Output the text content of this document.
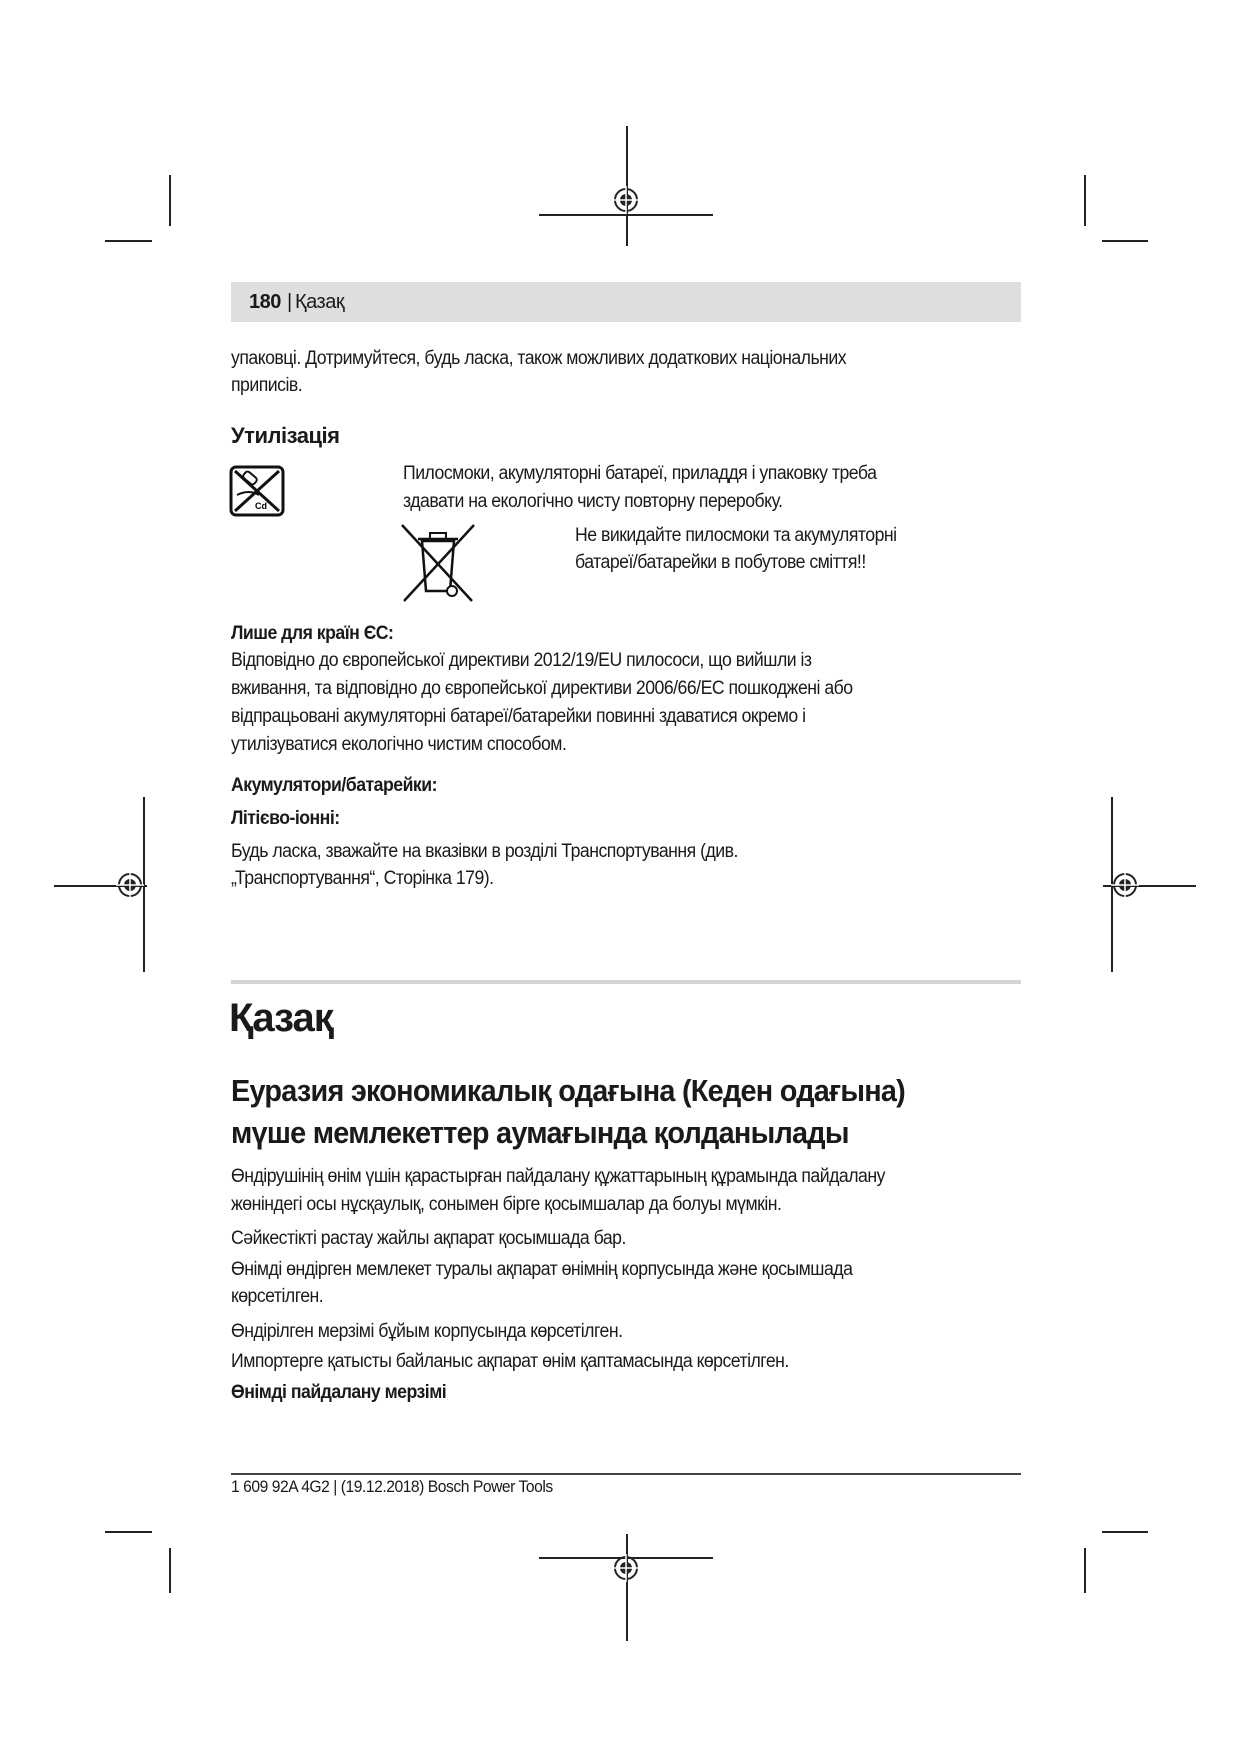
180 | Қазақ
упаковці. Дотримуйтеся, будь ласка, також можливих додаткових національних
приписів.
Утилізація
Cd
Пилосмоки, акумуляторні батареї, приладдя і упаковку треба
здавати на екологічно чисту повторну переробку.
Не викидайте пилосмоки та акумуляторні
батареї/батарейки в побутове сміття!!
Лише для країн ЄС:
Відповідно до європейської директиви 2012/19/EU пилососи, що вийшли із
вживання, та відповідно до європейської директиви 2006/66/EC пошкоджені або
відпрацьовані акумуляторні батареї/батарейки повинні здаватися окремо і
утилізуватися екологічно чистим способом.
Акумулятори/батарейки:
Літієво-іонні:
Будь ласка, зважайте на вказівки в розділі Транспортування (див.
„Транспортування“, Сторінка 179).
Қазақ
Еуразия экономикалық одағына (Кеден одағына)
мүше мемлекеттер аумағында қолданылады
Өндірушінің өнім үшін қарастырған пайдалану құжаттарының құрамында пайдалану
жөніндегі осы нұсқаулық, сонымен бірге қосымшалар да болуы мүмкін.
Сәйкестікті растау жайлы ақпарат қосымшада бар.
Өнімді өндірген мемлекет туралы ақпарат өнімнің корпусында және қосымшада
көрсетілген.
Өндірілген мерзімі бұйым корпусында көрсетілген.
Импортерге қатысты байланыс ақпарат өнім қаптамасында көрсетілген.
Өнімді пайдалану мерзімі
1 609 92A 4G2 | (19.12.2018) Bosch Power Tools
